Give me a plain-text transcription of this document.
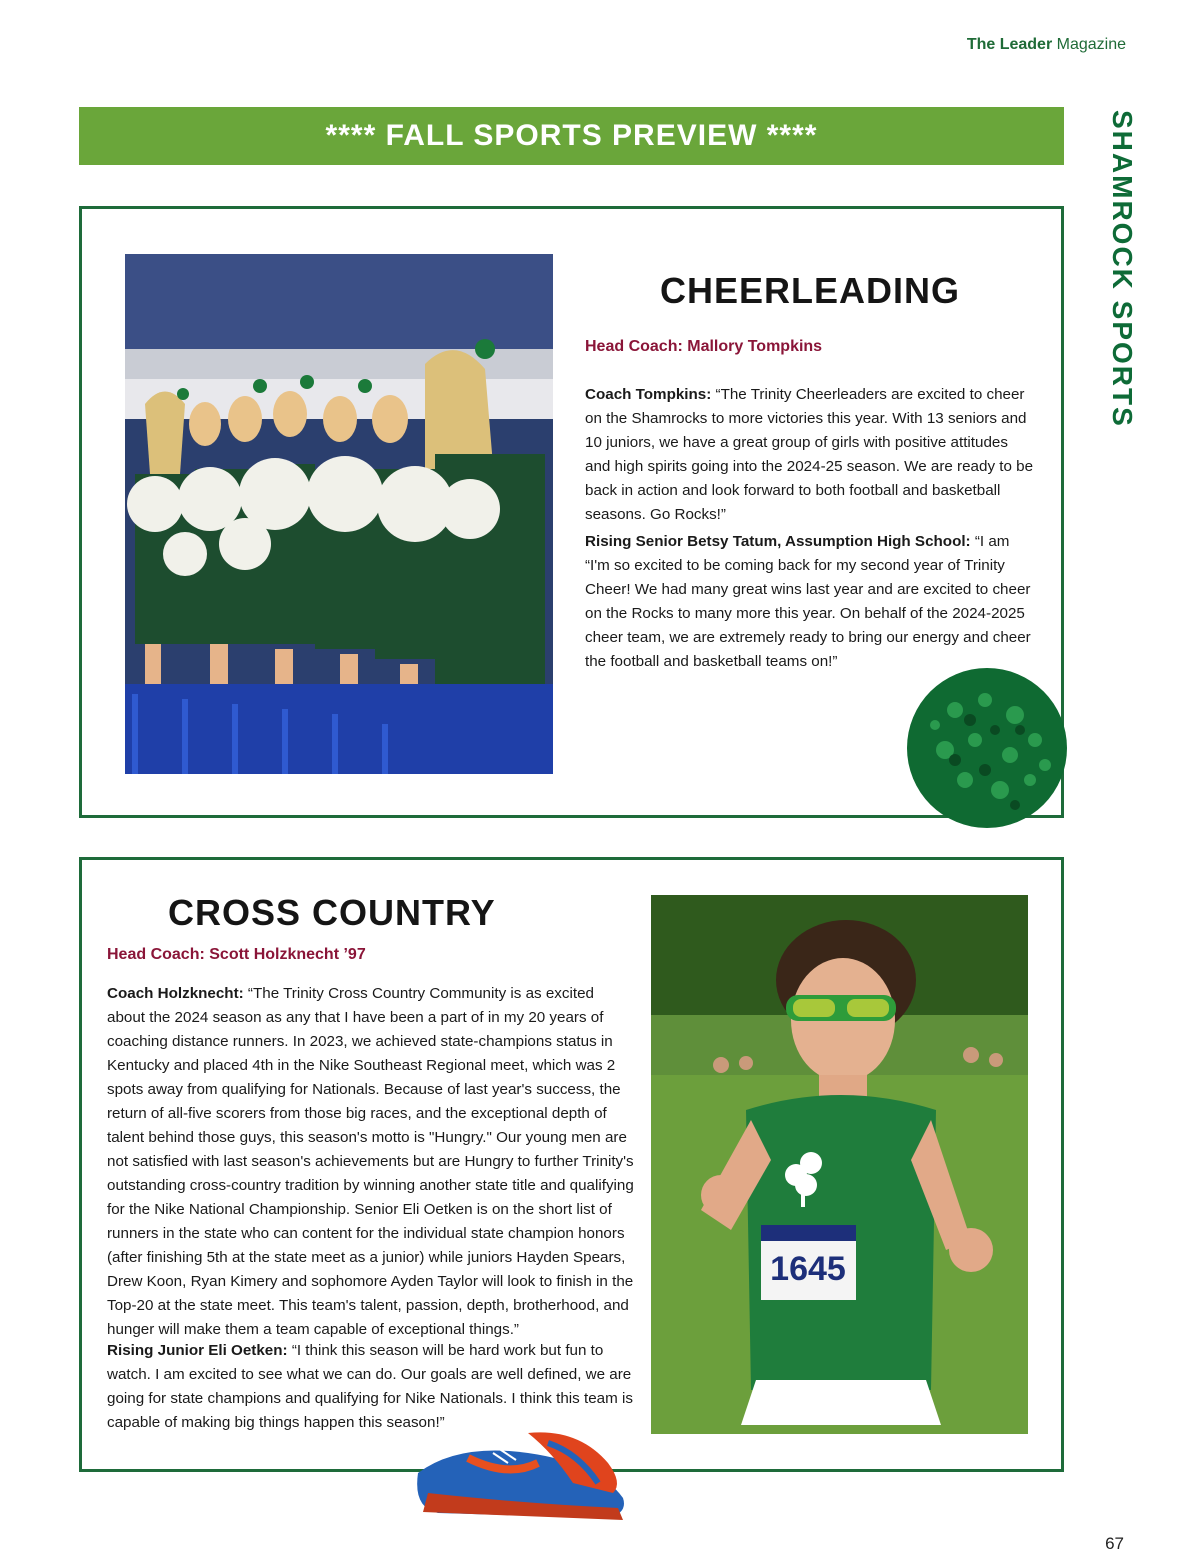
The Leader Magazine
**** FALL SPORTS PREVIEW ****	SHAMROCK SPORTS
CHEERLEADING

Head Coach: Mallory Tompkins

Coach Tompkins: “The Trinity Cheerleaders are excited to cheer on the Shamrocks to more victories this year. With 13 seniors and 10 juniors, we have a great group of girls with positive attitudes and high spirits going into the 2024-25 season. We are ready to be back in action and look forward to both football and basketball seasons. Go Rocks!”

Rising Senior Betsy Tatum, Assumption High School: “I am “I'm so excited to be coming back for my second year of Trinity Cheer! We had many great wins last year and are excited to cheer on the Rocks to many more this year. On behalf of the 2024-2025 cheer team, we are extremely ready to bring our energy and cheer the football and basketball teams on!”

CROSS COUNTRY

Head Coach: Scott Holzknecht ’97

Coach Holzknecht: “The Trinity Cross Country Community is as excited about the 2024 season as any that I have been a part of in my 20 years of coaching distance runners. In 2023, we achieved state-champions status in Kentucky and placed 4th in the Nike Southeast Regional meet, which was 2 spots away from qualifying for Nationals. Because of last year's success, the return of all-five scorers from those big races, and the exceptional depth of talent behind those guys, this season's motto is "Hungry." Our young men are not satisfied with last season's achievements but are Hungry to further Trinity's outstanding cross-country tradition by winning another state title and qualifying for the Nike National Championship. Senior Eli Oetken is on the short list of runners in the state who can content for the individual state champion honors (after finishing 5th at the state meet as a junior) while juniors Hayden Spears, Drew Koon, Ryan Kimery and sophomore Ayden Taylor will look to finish in the Top-20 at the state meet. This team's talent, passion, depth, brotherhood, and hunger will make them a team capable of exceptional things.”

Rising Junior Eli Oetken: “I think this season will be hard work but fun to watch. I am excited to see what we can do. Our goals are well defined, we are going for state champions and qualifying for Nike Nationals. I think this team is capable of making big things happen this season!”

1645
67
